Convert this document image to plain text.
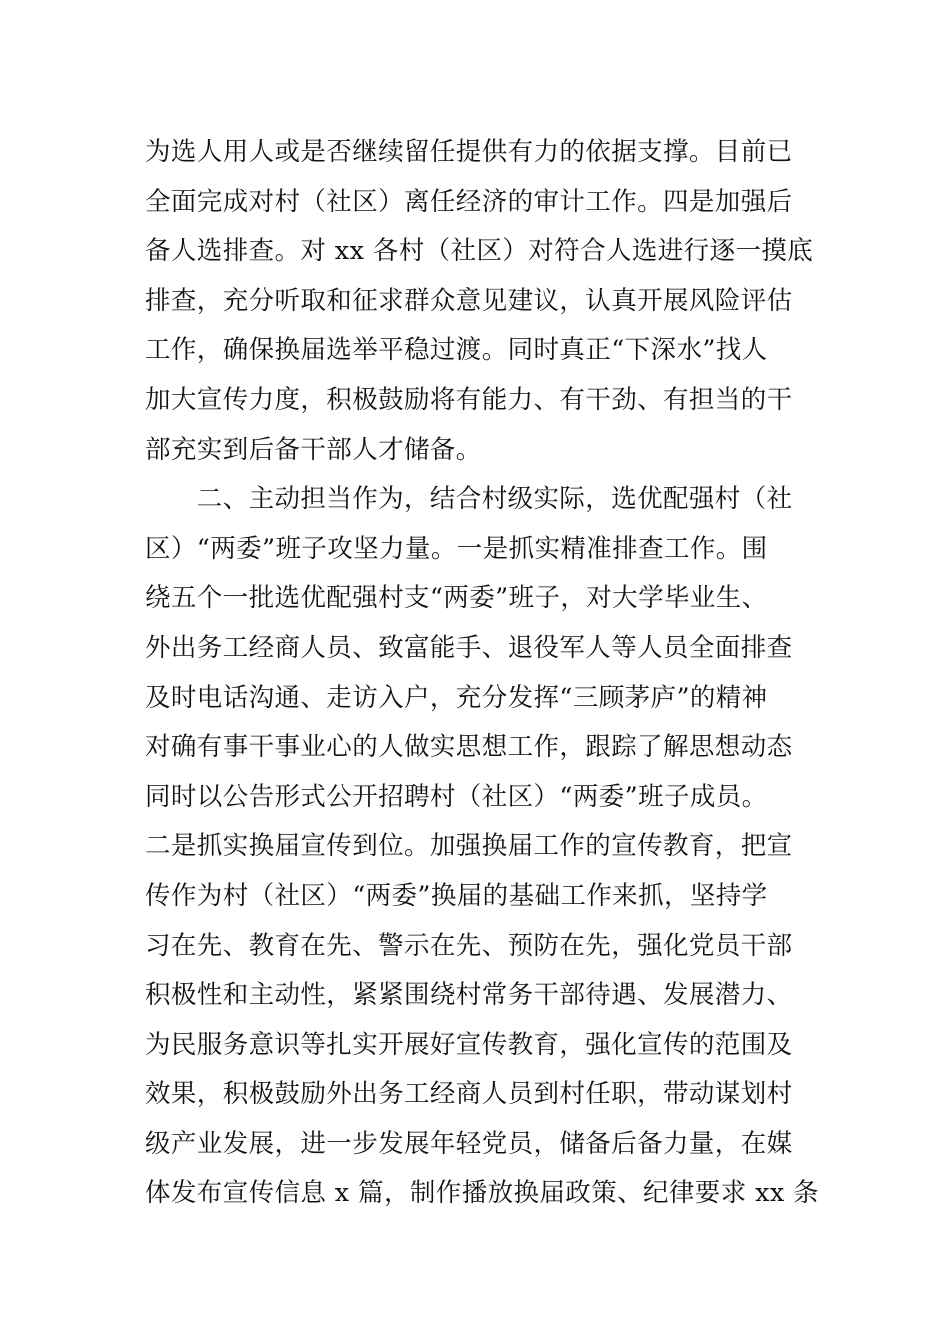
为选人用人或是否继续留任提供有力的依据支撑。目前已
全面完成对村（社区）离任经济的审计工作。四是加强后
备人选排查。对 xx 各村（社区）对符合人选进行逐一摸底
排查，充分听取和征求群众意见建议，认真开展风险评估
工作，确保换届选举平稳过渡。同时真正“下深水”找人
加大宣传力度，积极鼓励将有能力、有干劲、有担当的干
部充实到后备干部人才储备。
　　二、主动担当作为，结合村级实际，选优配强村（社
区）“两委”班子攻坚力量。一是抓实精准排查工作。围
绕五个一批选优配强村支“两委”班子，对大学毕业生、
外出务工经商人员、致富能手、退役军人等人员全面排查
及时电话沟通、走访入户，充分发挥“三顾茅庐”的精神
对确有事干事业心的人做实思想工作，跟踪了解思想动态
同时以公告形式公开招聘村（社区）“两委”班子成员。
二是抓实换届宣传到位。加强换届工作的宣传教育，把宣
传作为村（社区）“两委”换届的基础工作来抓，坚持学
习在先、教育在先、警示在先、预防在先，强化党员干部
积极性和主动性，紧紧围绕村常务干部待遇、发展潜力、
为民服务意识等扎实开展好宣传教育，强化宣传的范围及
效果，积极鼓励外出务工经商人员到村任职，带动谋划村
级产业发展，进一步发展年轻党员，储备后备力量，在媒
体发布宣传信息 x 篇，制作播放换届政策、纪律要求 xx 条
